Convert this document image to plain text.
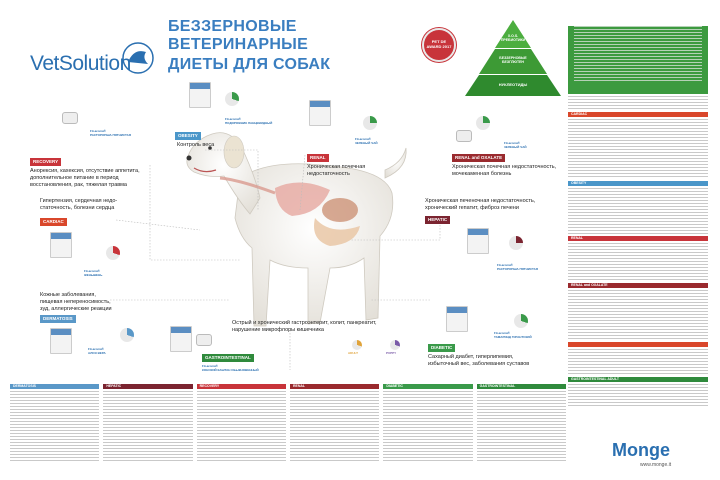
VetSolution
БЕЗЗЕРНОВЫЕ ВЕТЕРИНАРНЫЕ
ДИЕТЫ ДЛЯ СОБАК
PET DE AWARD 2017
X.O.S.
ПРЕБИОТИКИ
БЕЗЗЕРНОВЫЕ
БЕЗГЛЮТЕН
НУКЛЕОТИДЫ
CARDIAC
OBESITY
RENAL
RENAL and OXALATE
GASTROINTESTINAL ADULT
Fit-aroma®
РАСТОРОПША ПЯТНИСТАЯ
RECOVERY
Анорексия, кахексия, отсутствие аппетита,
дополнительное питание в период
восстановления, рак, тяжелая травма
Fit-aroma®
ПОДОРОЖНИК ЛАНЦЕВИДНЫЙ
OBESITY
Контроль веса
Fit-aroma®
ЗЕЛЕНЫЙ ЧАЙ
RENAL
Хроническая почечная
недостаточность
Fit-aroma®
ЗЕЛЕНЫЙ ЧАЙ
RENAL and OXALATE
Хроническая почечная недостаточность,
мочекаменная болезнь
Гипертензия, сердечная недо-
статочность, болезни сердца
CARDIAC
Fit-aroma®
ЖЕНЬШЕНЬ
Хроническая печеночная недостаточность,
хронический гепатит, фиброз печени
HEPATIC
Fit-aroma®
РАСТОРОПША ПЯТНИСТАЯ
Кожные заболевания,
пищевая непереносимость,
зуд, аллергические реакции
DERMATOSIS
Fit-aroma®
АЛОЭ ВЕРА
Острый и хронический гастроэнтерит, колит, панкреатит,
нарушение микрофлоры кишечника
GASTROINTESTINAL
Fit-aroma®
КОНСКИЙ КАШТАН ОБЫКНОВЕННЫЙ
ADULT	PUPPY
Fit-aroma®
ТАМАРИНД ГИГАНТСКИЙ
DIABETIC
Сахарный диабет, гиперлипемия,
избыточный вес, заболевания суставов
DERMATOSIS	HEPATIC	RECOVERY	RENAL	DIABETIC	GASTROINTESTINAL
Monge
www.monge.it
